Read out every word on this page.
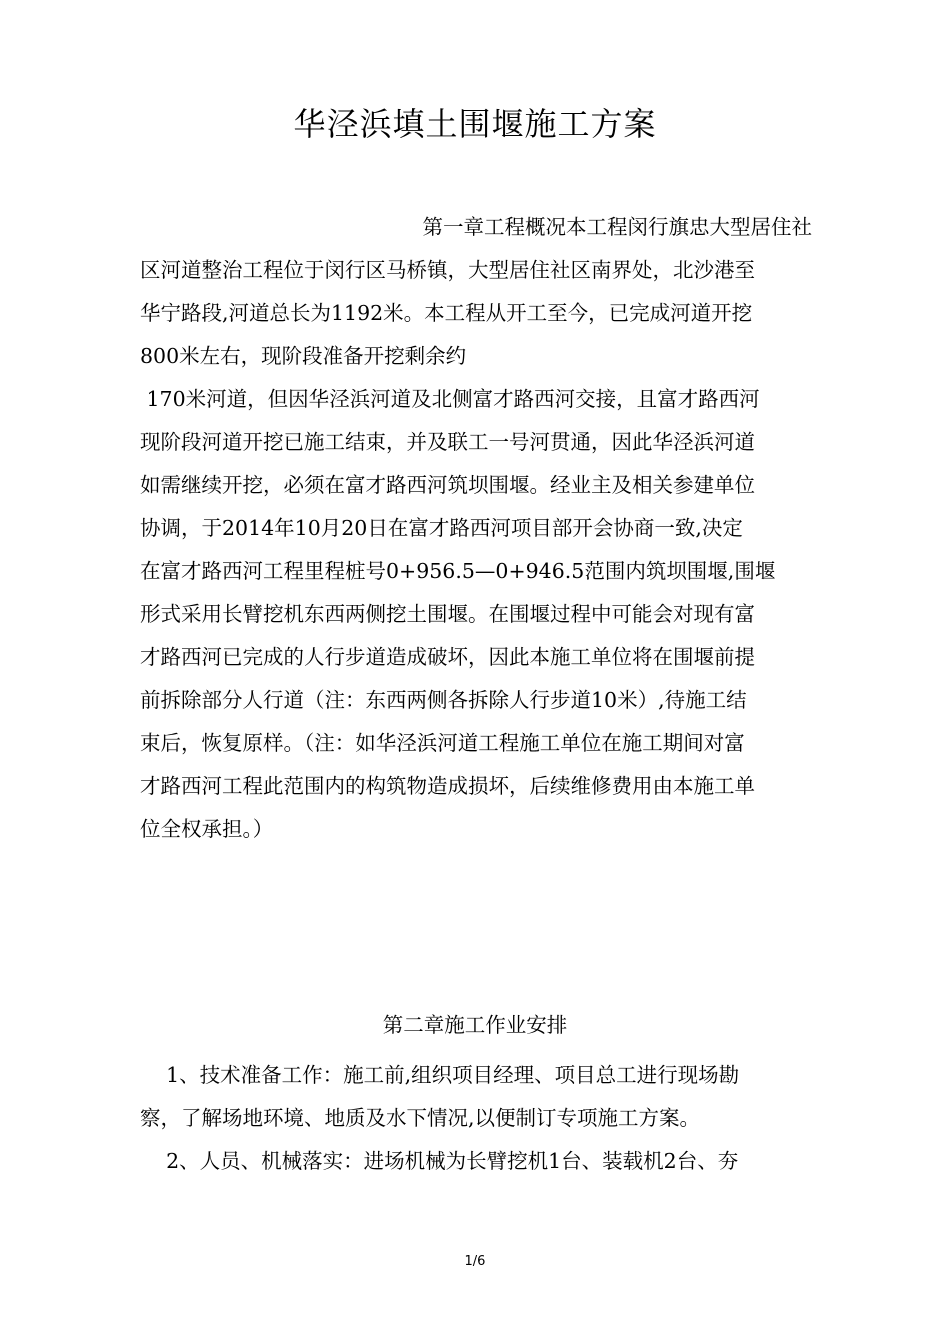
华泾浜填土围堰施工方案
第一章工程概况本工程闵行旗忠大型居住社
区河道整治工程位于闵行区马桥镇，大型居住社区南界处，北沙港至
华宁路段,河道总长为1192米。本工程从开工至今，已完成河道开挖
800米左右，现阶段准备开挖剩余约
170米河道，但因华泾浜河道及北侧富才路西河交接，且富才路西河
现阶段河道开挖已施工结束，并及联工一号河贯通，因此华泾浜河道
如需继续开挖，必须在富才路西河筑坝围堰。经业主及相关参建单位
协调，于2014年10月20日在富才路西河项目部开会协商一致,决定
在富才路西河工程里程桩号0+956.5—0+946.5范围内筑坝围堰,围堰
形式采用长臂挖机东西两侧挖土围堰。在围堰过程中可能会对现有富
才路西河已完成的人行步道造成破坏，因此本施工单位将在围堰前提
前拆除部分人行道（注：东西两侧各拆除人行步道10米）,待施工结
束后，恢复原样。（注：如华泾浜河道工程施工单位在施工期间对富
才路西河工程此范围内的构筑物造成损坏，后续维修费用由本施工单
位全权承担。）
第二章施工作业安排
1、技术准备工作：施工前,组织项目经理、项目总工进行现场勘
察，了解场地环境、地质及水下情况,以便制订专项施工方案。
2、人员、机械落实：进场机械为长臂挖机1台、装载机2台、夯
1/6
